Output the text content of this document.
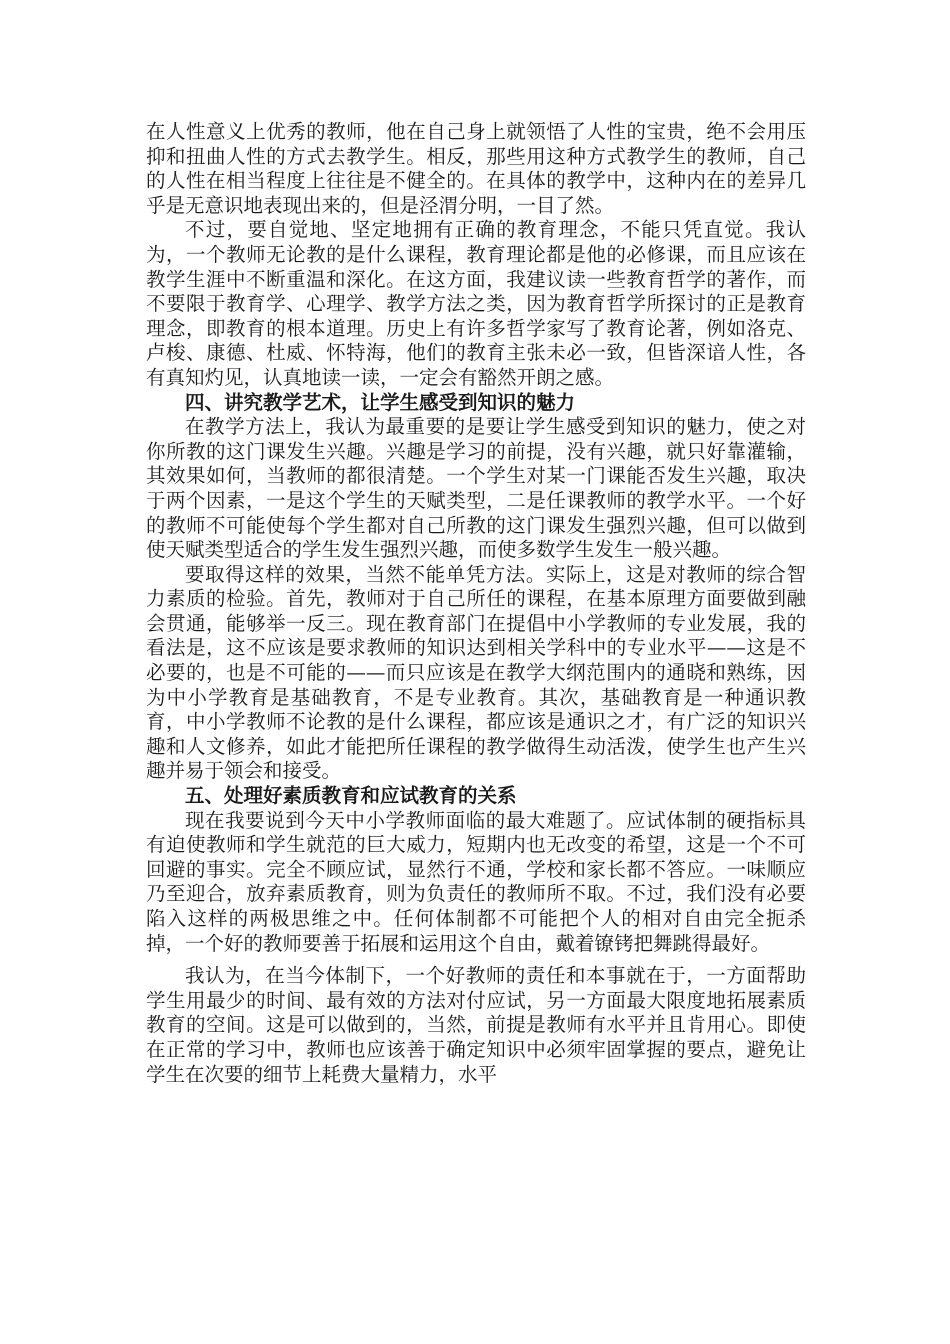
在人性意义上优秀的教师，他在自己身上就领悟了人性的宝贵，绝不会用压抑和扭曲人性的方式去教学生。相反，那些用这种方式教学生的教师，自己的人性在相当程度上往往是不健全的。在具体的教学中，这种内在的差异几乎是无意识地表现出来的，但是泾渭分明，一目了然。

不过，要自觉地、坚定地拥有正确的教育理念，不能只凭直觉。我认为，一个教师无论教的是什么课程，教育理论都是他的必修课，而且应该在教学生涯中不断重温和深化。在这方面，我建议读一些教育哲学的著作，而不要限于教育学、心理学、教学方法之类，因为教育哲学所探讨的正是教育理念，即教育的根本道理。历史上有许多哲学家写了教育论著，例如洛克、卢梭、康德、杜威、怀特海，他们的教育主张未必一致，但皆深谙人性，各有真知灼见，认真地读一读，一定会有豁然开朗之感。

四、讲究教学艺术，让学生感受到知识的魅力

在教学方法上，我认为最重要的是要让学生感受到知识的魅力，使之对你所教的这门课发生兴趣。兴趣是学习的前提，没有兴趣，就只好靠灌输，其效果如何，当教师的都很清楚。一个学生对某一门课能否发生兴趣，取决于两个因素，一是这个学生的天赋类型，二是任课教师的教学水平。一个好的教师不可能使每个学生都对自己所教的这门课发生强烈兴趣，但可以做到使天赋类型适合的学生发生强烈兴趣，而使多数学生发生一般兴趣。

要取得这样的效果，当然不能单凭方法。实际上，这是对教师的综合智力素质的检验。首先，教师对于自己所任的课程，在基本原理方面要做到融会贯通，能够举一反三。现在教育部门在提倡中小学教师的专业发展，我的看法是，这不应该是要求教师的知识达到相关学科中的专业水平——这是不必要的，也是不可能的——而只应该是在教学大纲范围内的通晓和熟练，因为中小学教育是基础教育，不是专业教育。其次，基础教育是一种通识教育，中小学教师不论教的是什么课程，都应该是通识之才，有广泛的知识兴趣和人文修养，如此才能把所任课程的教学做得生动活泼，使学生也产生兴趣并易于领会和接受。

五、处理好素质教育和应试教育的关系

现在我要说到今天中小学教师面临的最大难题了。应试体制的硬指标具有迫使教师和学生就范的巨大威力，短期内也无改变的希望，这是一个不可回避的事实。完全不顾应试，显然行不通，学校和家长都不答应。一味顺应乃至迎合，放弃素质教育，则为负责任的教师所不取。不过，我们没有必要陷入这样的两极思维之中。任何体制都不可能把个人的相对自由完全扼杀掉，一个好的教师要善于拓展和运用这个自由，戴着镣铐把舞跳得最好。

我认为，在当今体制下，一个好教师的责任和本事就在于，一方面帮助学生用最少的时间、最有效的方法对付应试，另一方面最大限度地拓展素质教育的空间。这是可以做到的，当然，前提是教师有水平并且肯用心。即使在正常的学习中，教师也应该善于确定知识中必须牢固掌握的要点，避免让学生在次要的细节上耗费大量精力，水平
